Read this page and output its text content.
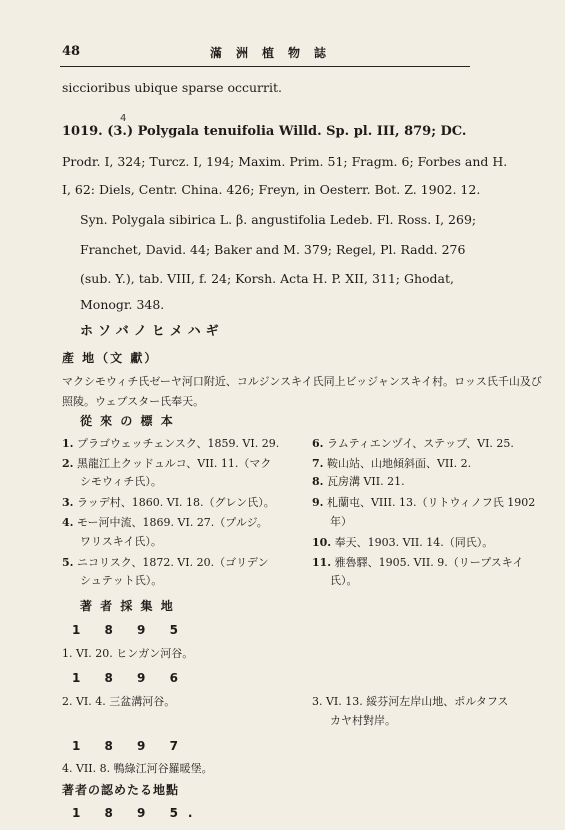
48	滿洲植物誌
siccioribus ubique sparse occurrit.
4
1019. (3.) Polygala tenuifolia Willd. Sp. pl. III, 879; DC.
Prodr. I, 324; Turcz. I, 194; Maxim. Prim. 51; Fragm. 6; Forbes and H.
I, 62: Diels, Centr. China. 426; Freyn, in Oesterr. Bot. Z. 1902. 12.
Syn. Polygala sibirica L. β. angustifolia Ledeb. Fl. Ross. I, 269;
Franchet, David. 44; Baker and M. 379; Regel, Pl. Radd. 276
(sub. Y.), tab. VIII, f. 24; Korsh. Acta H. P. XII, 311; Ghodat,
Monogr. 348.
ホソバノヒメハギ
產 地（文 獻）
マクシモウィチ氏ゼーヤ河口附近、コルジンスキイ氏同上ビッジャンスキイ村。ロッス氏千山及び
照陵。ウェブスター氏奉天。
從 來 の 標 本
1. プラゴウェッチェンスク、1859. VI. 29.
2. 黑龍江上クッドュルコ、VII. 11.（マク
シモウィチ氏）。
3. ラッデ村、1860. VI. 18.（グレン氏）。
4. モー河中流、1869. VI. 27.（プルジ。
ワリスキイ氏）。
5. ニコリスク、1872. VI. 20.（ゴリデン
シュテット氏）。
6. ラムティエンヅイ、ステップ、VI. 25.
7. 鞍山站、山地傾斜面、VII. 2.
8. 瓦房溝 VII. 21.
9. 札蘭屯、VIII. 13.（リトウィノフ氏 1902
年）
10. 奉天、1903. VII. 14.（同氏）。
11. 雅魯驛、1905. VII. 9.（リープスキイ
氏）。
著 者 採 集 地
1 8 9 5
1. VI. 20. ヒンガン河谷。
1 8 9 6
2. VI. 4. 三盆溝河谷。	3. VI. 13. 綏芬河左岸山地、ポルタフス
カヤ村對岸。
1 8 9 7
4. VII. 8. 鴨綠江河谷羅暖堡。
著者の認めたる地點
1 8 9 5.
